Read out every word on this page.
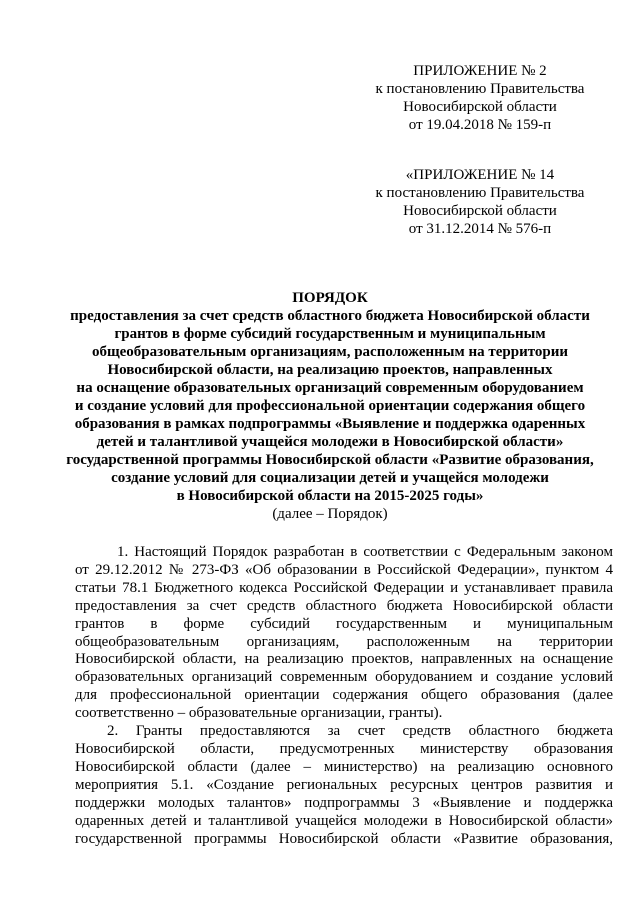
ПРИЛОЖЕНИЕ № 2
к постановлению Правительства
Новосибирской области
от 19.04.2018 № 159-п
«ПРИЛОЖЕНИЕ № 14
к постановлению Правительства
Новосибирской области
от 31.12.2014 № 576-п
ПОРЯДОК
предоставления за счет средств областного бюджета Новосибирской области
грантов в форме субсидий государственным и муниципальным
общеобразовательным организациям, расположенным на территории
Новосибирской области, на реализацию проектов, направленных
на оснащение образовательных организаций современным оборудованием
и создание условий для профессиональной ориентации содержания общего
образования в рамках подпрограммы «Выявление и поддержка одаренных
детей и талантливой учащейся молодежи в Новосибирской области»
государственной программы Новосибирской области «Развитие образования,
создание условий для социализации детей и учащейся молодежи
в Новосибирской области на 2015-2025 годы»
(далее – Порядок)
1. Настоящий Порядок разработан в соответствии с Федеральным законом
от 29.12.2012 № 273-ФЗ «Об образовании в Российской Федерации», пунктом 4
статьи 78.1 Бюджетного кодекса Российской Федерации и устанавливает правила
предоставления за счет средств областного бюджета Новосибирской области
грантов в форме субсидий государственным и муниципальным
общеобразовательным организациям, расположенным на территории
Новосибирской области, на реализацию проектов, направленных на оснащение
образовательных организаций современным оборудованием и создание условий
для профессиональной ориентации содержания общего образования (далее
соответственно – образовательные организации, гранты).
2. Гранты предоставляются за счет средств областного бюджета
Новосибирской области, предусмотренных министерству образования
Новосибирской области (далее – министерство) на реализацию основного
мероприятия 5.1. «Создание региональных ресурсных центров развития и
поддержки молодых талантов» подпрограммы 3 «Выявление и поддержка
одаренных детей и талантливой учащейся молодежи в Новосибирской области»
государственной программы Новосибирской области «Развитие образования,
